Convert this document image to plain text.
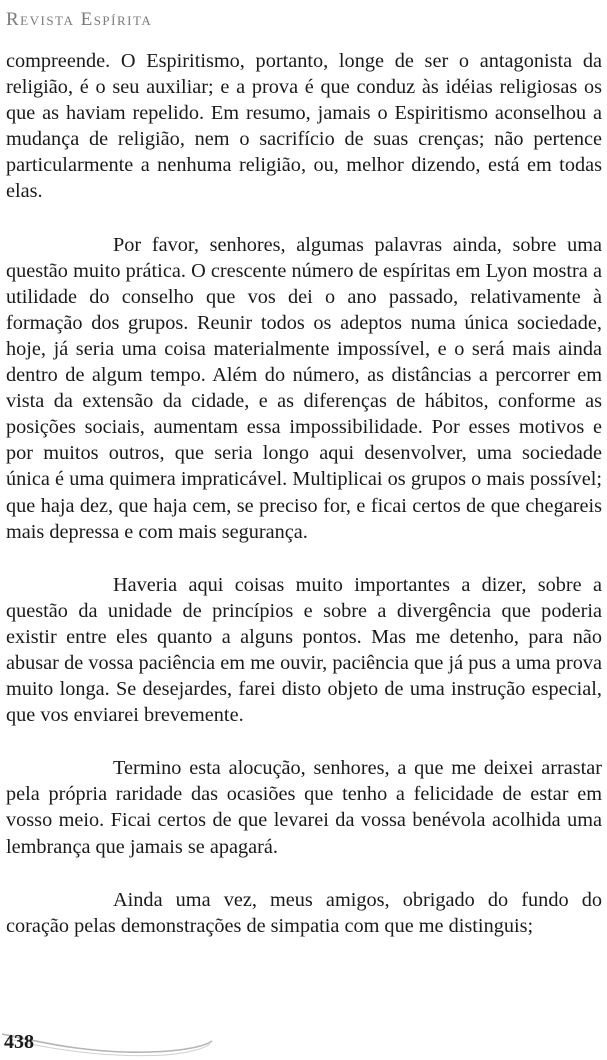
Revista Espírita

compreende. O Espiritismo, portanto, longe de ser o antagonista da religião, é o seu auxiliar; e a prova é que conduz às idéias religiosas os que as haviam repelido. Em resumo, jamais o Espiritismo aconselhou a mudança de religião, nem o sacrifício de suas crenças; não pertence particularmente a nenhuma religião, ou, melhor dizendo, está em todas elas.

Por favor, senhores, algumas palavras ainda, sobre uma questão muito prática. O crescente número de espíritas em Lyon mostra a utilidade do conselho que vos dei o ano passado, relativamente à formação dos grupos. Reunir todos os adeptos numa única sociedade, hoje, já seria uma coisa materialmente impossível, e o será mais ainda dentro de algum tempo. Além do número, as distâncias a percorrer em vista da extensão da cidade, e as diferenças de hábitos, conforme as posições sociais, aumentam essa impossibilidade. Por esses motivos e por muitos outros, que seria longo aqui desenvolver, uma sociedade única é uma quimera impraticável. Multiplicai os grupos o mais possível; que haja dez, que haja cem, se preciso for, e ficai certos de que chegareis mais depressa e com mais segurança.

Haveria aqui coisas muito importantes a dizer, sobre a questão da unidade de princípios e sobre a divergência que poderia existir entre eles quanto a alguns pontos. Mas me detenho, para não abusar de vossa paciência em me ouvir, paciência que já pus a uma prova muito longa. Se desejardes, farei disto objeto de uma instrução especial, que vos enviarei brevemente.

Termino esta alocução, senhores, a que me deixei arrastar pela própria raridade das ocasiões que tenho a felicidade de estar em vosso meio. Ficai certos de que levarei da vossa benévola acolhida uma lembrança que jamais se apagará.

Ainda uma vez, meus amigos, obrigado do fundo do coração pelas demonstrações de simpatia com que me distinguis;

438
